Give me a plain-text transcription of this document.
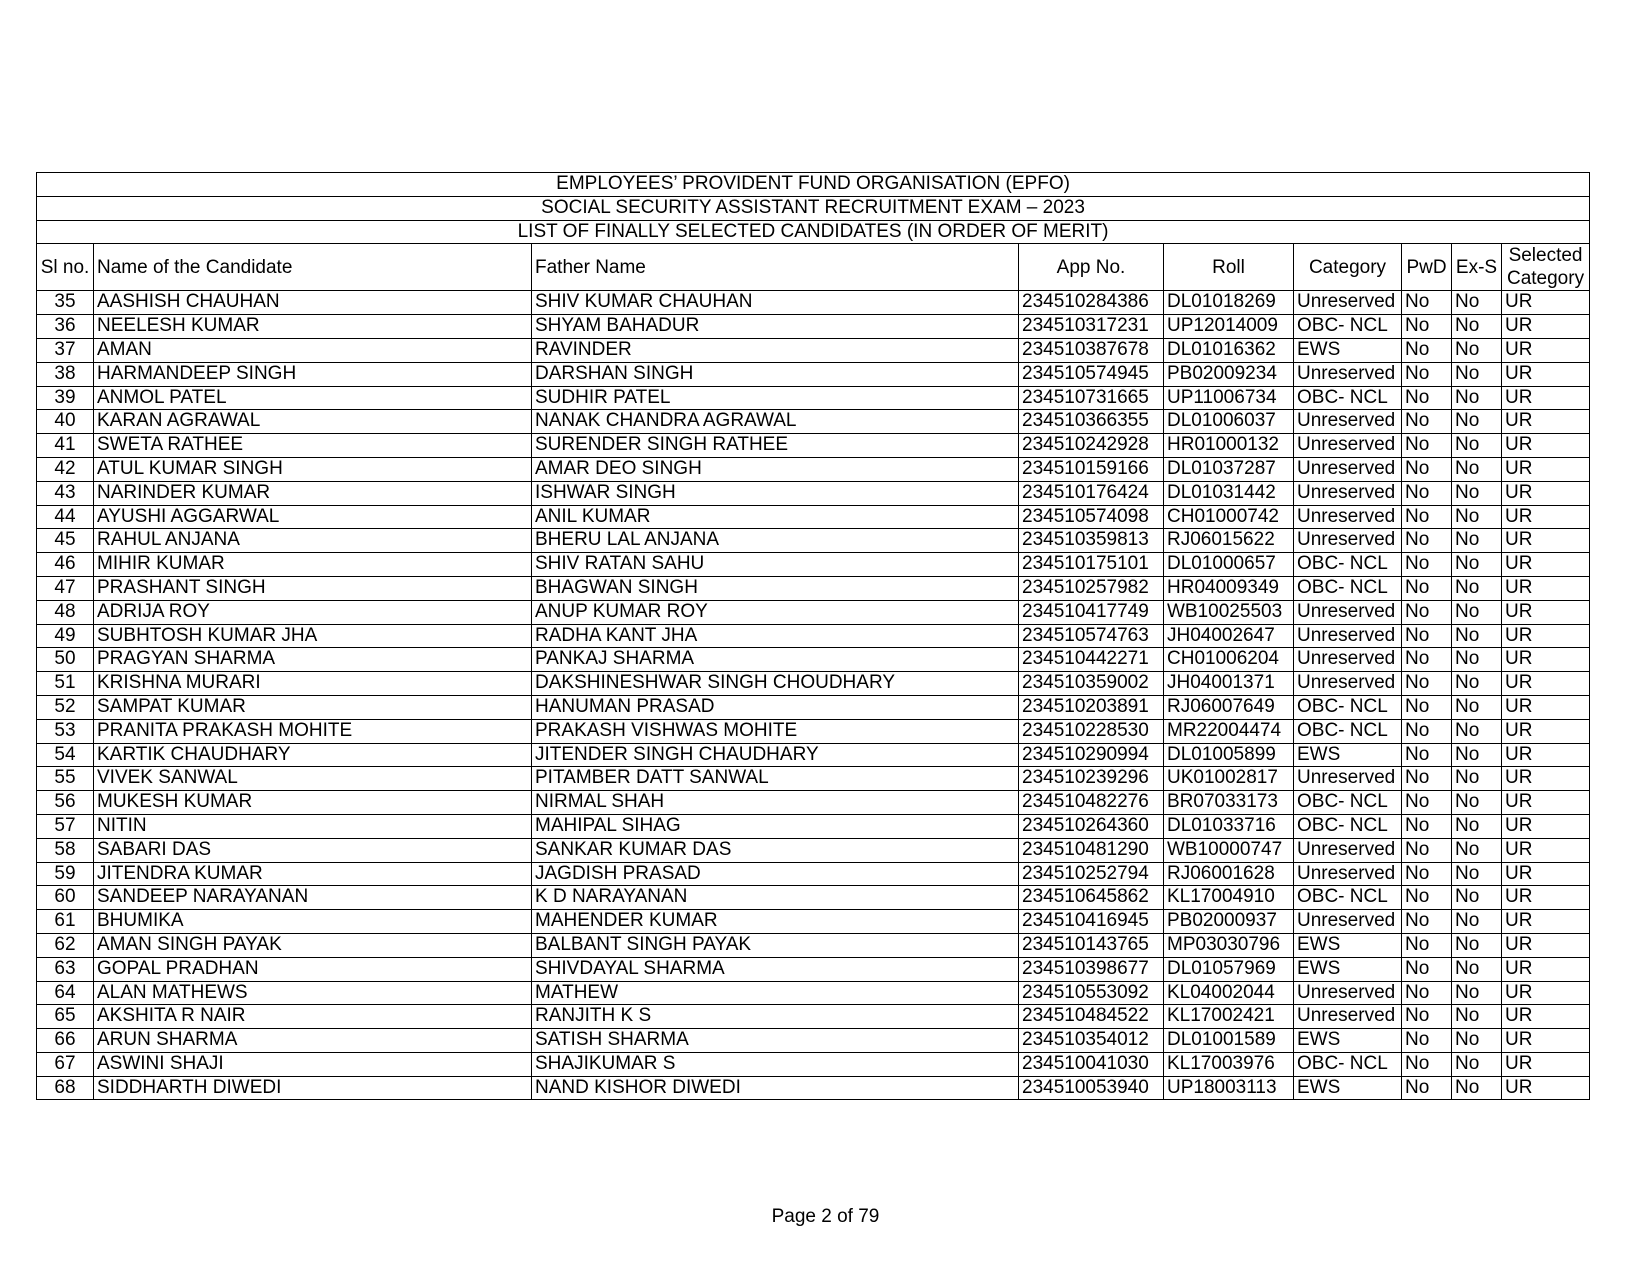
EMPLOYEES’ PROVIDENT FUND ORGANISATION (EPFO)								
SOCIAL SECURITY ASSISTANT RECRUITMENT EXAM – 2023								
LIST OF FINALLY SELECTED CANDIDATES (IN ORDER OF MERIT)								
Sl no.	Name of the Candidate	Father Name	App No.	Roll	Category	PwD	Ex-S	Selected Category
35	AASHISH CHAUHAN	SHIV KUMAR CHAUHAN	234510284386	DL01018269	Unreserved	No	No	UR
36	NEELESH KUMAR	SHYAM BAHADUR	234510317231	UP12014009	OBC- NCL	No	No	UR
37	AMAN	RAVINDER	234510387678	DL01016362	EWS	No	No	UR
38	HARMANDEEP SINGH	DARSHAN SINGH	234510574945	PB02009234	Unreserved	No	No	UR
39	ANMOL PATEL	SUDHIR PATEL	234510731665	UP11006734	OBC- NCL	No	No	UR
40	KARAN AGRAWAL	NANAK CHANDRA AGRAWAL	234510366355	DL01006037	Unreserved	No	No	UR
41	SWETA RATHEE	SURENDER SINGH RATHEE	234510242928	HR01000132	Unreserved	No	No	UR
42	ATUL KUMAR SINGH	AMAR DEO SINGH	234510159166	DL01037287	Unreserved	No	No	UR
43	NARINDER KUMAR	ISHWAR SINGH	234510176424	DL01031442	Unreserved	No	No	UR
44	AYUSHI AGGARWAL	ANIL KUMAR	234510574098	CH01000742	Unreserved	No	No	UR
45	RAHUL ANJANA	BHERU LAL ANJANA	234510359813	RJ06015622	Unreserved	No	No	UR
46	MIHIR KUMAR	SHIV RATAN SAHU	234510175101	DL01000657	OBC- NCL	No	No	UR
47	PRASHANT SINGH	BHAGWAN SINGH	234510257982	HR04009349	OBC- NCL	No	No	UR
48	ADRIJA ROY	ANUP KUMAR ROY	234510417749	WB10025503	Unreserved	No	No	UR
49	SUBHTOSH KUMAR JHA	RADHA KANT JHA	234510574763	JH04002647	Unreserved	No	No	UR
50	PRAGYAN SHARMA	PANKAJ SHARMA	234510442271	CH01006204	Unreserved	No	No	UR
51	KRISHNA MURARI	DAKSHINESHWAR SINGH CHOUDHARY	234510359002	JH04001371	Unreserved	No	No	UR
52	SAMPAT KUMAR	HANUMAN PRASAD	234510203891	RJ06007649	OBC- NCL	No	No	UR
53	PRANITA PRAKASH MOHITE	PRAKASH VISHWAS MOHITE	234510228530	MR22004474	OBC- NCL	No	No	UR
54	KARTIK CHAUDHARY	JITENDER SINGH CHAUDHARY	234510290994	DL01005899	EWS	No	No	UR
55	VIVEK SANWAL	PITAMBER DATT SANWAL	234510239296	UK01002817	Unreserved	No	No	UR
56	MUKESH KUMAR	NIRMAL SHAH	234510482276	BR07033173	OBC- NCL	No	No	UR
57	NITIN	MAHIPAL SIHAG	234510264360	DL01033716	OBC- NCL	No	No	UR
58	SABARI DAS	SANKAR KUMAR DAS	234510481290	WB10000747	Unreserved	No	No	UR
59	JITENDRA KUMAR	JAGDISH PRASAD	234510252794	RJ06001628	Unreserved	No	No	UR
60	SANDEEP NARAYANAN	K D NARAYANAN	234510645862	KL17004910	OBC- NCL	No	No	UR
61	BHUMIKA	MAHENDER KUMAR	234510416945	PB02000937	Unreserved	No	No	UR
62	AMAN SINGH PAYAK	BALBANT SINGH PAYAK	234510143765	MP03030796	EWS	No	No	UR
63	GOPAL PRADHAN	SHIVDAYAL SHARMA	234510398677	DL01057969	EWS	No	No	UR
64	ALAN MATHEWS	MATHEW	234510553092	KL04002044	Unreserved	No	No	UR
65	AKSHITA R NAIR	RANJITH K S	234510484522	KL17002421	Unreserved	No	No	UR
66	ARUN SHARMA	SATISH SHARMA	234510354012	DL01001589	EWS	No	No	UR
67	ASWINI SHAJI	SHAJIKUMAR S	234510041030	KL17003976	OBC- NCL	No	No	UR
68	SIDDHARTH DIWEDI	NAND KISHOR DIWEDI	234510053940	UP18003113	EWS	No	No	UR
Page 2 of 79
